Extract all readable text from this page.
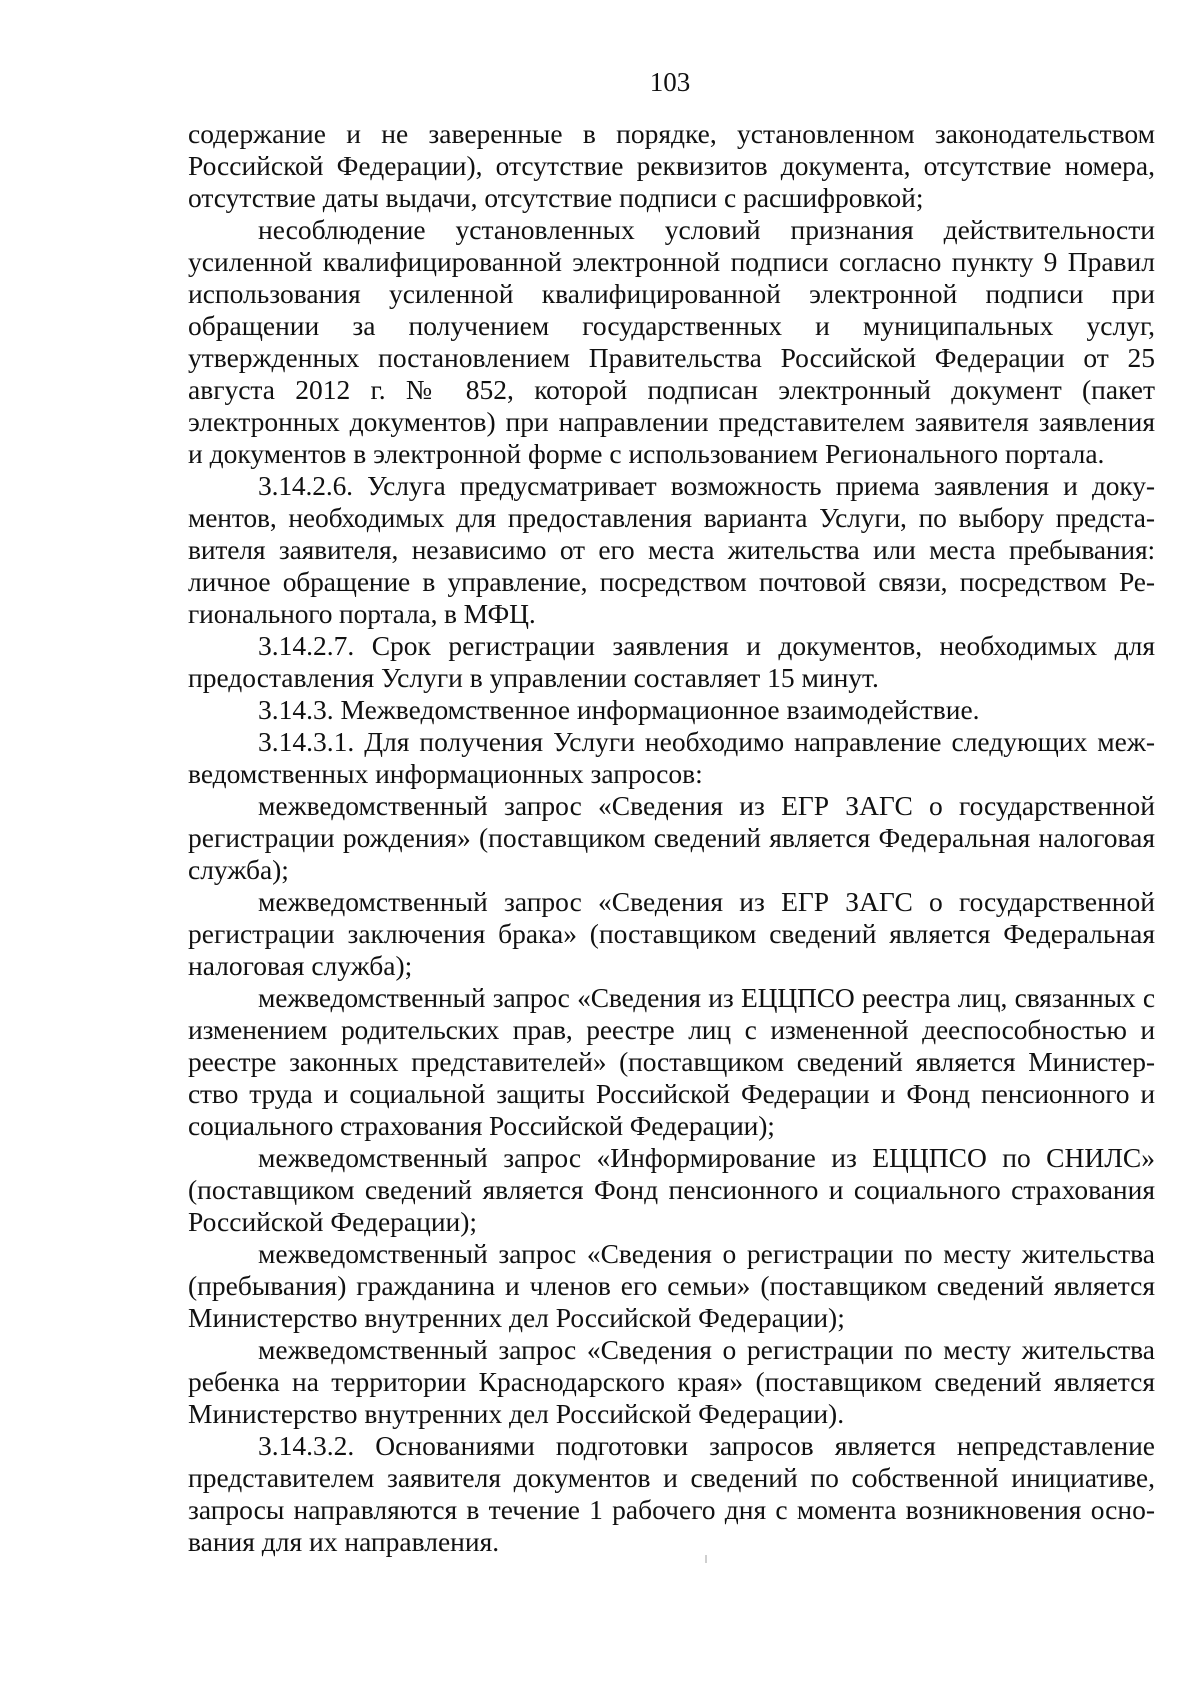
103

содержание и не заверенные в порядке, установленном законодательством Российской Федерации), отсутствие реквизитов документа, отсутствие номера, отсутствие даты выдачи, отсутствие подписи с расшифровкой;

несоблюдение установленных условий признания действительности усиленной квалифицированной электронной подписи согласно пункту 9 Правил использования усиленной квалифицированной электронной подписи при обращении за получением государственных и муниципальных услуг, утвержденных постановлением Правительства Российской Федерации от 25 августа 2012 г. № 852, которой подписан электронный документ (пакет электронных документов) при направлении представителем заявителя заявления и документов в электронной форме с использованием Регионального портала.

3.14.2.6. Услуга предусматривает возможность приема заявления и документов, необходимых для предоставления варианта Услуги, по выбору представителя заявителя, независимо от его места жительства или места пребывания: личное обращение в управление, посредством почтовой связи, посредством Регионального портала, в МФЦ.

3.14.2.7. Срок регистрации заявления и документов, необходимых для предоставления Услуги в управлении составляет 15 минут.

3.14.3. Межведомственное информационное взаимодействие.

3.14.3.1. Для получения Услуги необходимо направление следующих межведомственных информационных запросов:

межведомственный запрос «Сведения из ЕГР ЗАГС о государственной регистрации рождения» (поставщиком сведений является Федеральная налоговая служба);

межведомственный запрос «Сведения из ЕГР ЗАГС о государственной регистрации заключения брака» (поставщиком сведений является Федеральная налоговая служба);

межведомственный запрос «Сведения из ЕЦЦПСО реестра лиц, связанных с изменением родительских прав, реестре лиц с измененной дееспособностью и реестре законных представителей» (поставщиком сведений является Министерство труда и социальной защиты Российской Федерации и Фонд пенсионного и социального страхования Российской Федерации);

межведомственный запрос «Информирование из ЕЦЦПСО по СНИЛС» (поставщиком сведений является Фонд пенсионного и социального страхования Российской Федерации);

межведомственный запрос «Сведения о регистрации по месту жительства (пребывания) гражданина и членов его семьи» (поставщиком сведений является Министерство внутренних дел Российской Федерации);

межведомственный запрос «Сведения о регистрации по месту жительства ребенка на территории Краснодарского края» (поставщиком сведений является Министерство внутренних дел Российской Федерации).

3.14.3.2. Основаниями подготовки запросов является непредставление представителем заявителя документов и сведений по собственной инициативе, запросы направляются в течение 1 рабочего дня с момента возникновения основания для их направления.
